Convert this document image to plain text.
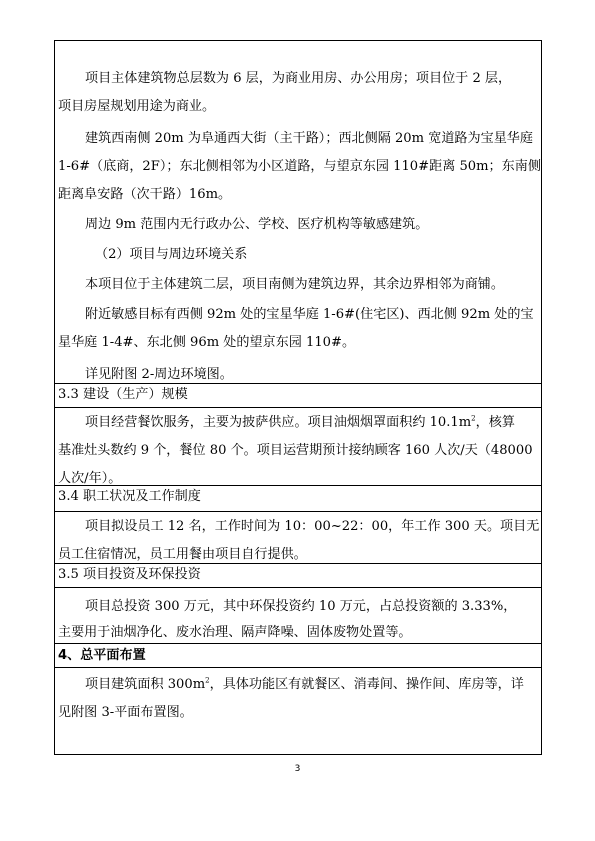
项目主体建筑物总层数为 6 层，为商业用房、办公用房；项目位于 2 层，
项目房屋规划用途为商业。
建筑西南侧 20m 为阜通西大街（主干路）；西北侧隔 20m 宽道路为宝星华庭
1-6#（底商，2F）；东北侧相邻为小区道路，与望京东园 110#距离 50m；东南侧
距离阜安路（次干路）16m。
周边 9m 范围内无行政办公、学校、医疗机构等敏感建筑。
（2）项目与周边环境关系
本项目位于主体建筑二层，项目南侧为建筑边界，其余边界相邻为商铺。
附近敏感目标有西侧 92m 处的宝星华庭 1-6#(住宅区)、西北侧 92m 处的宝
星华庭 1-4#、东北侧 96m 处的望京东园 110#。
详见附图 2-周边环境图。
3.3 建设（生产）规模
项目经营餐饮服务，主要为披萨供应。项目油烟烟罩面积约 $10.1m^2$，核算
基准灶头数约 9 个，餐位 80 个。项目运营期预计接纳顾客 160 人次/天（48000
人次/年）。
3.4 职工状况及工作制度
项目拟设员工 12 名，工作时间为 10：00~22：00，年工作 300 天。项目无
员工住宿情况，员工用餐由项目自行提供。
3.5 项目投资及环保投资
项目总投资 300 万元，其中环保投资约 10 万元，占总投资额的 3.33%，
主要用于油烟净化、废水治理、隔声降噪、固体废物处置等。
4、总平面布置
项目建筑面积 $300m^2$，具体功能区有就餐区、消毒间、操作间、库房等，详
见附图 3-平面布置图。
3
